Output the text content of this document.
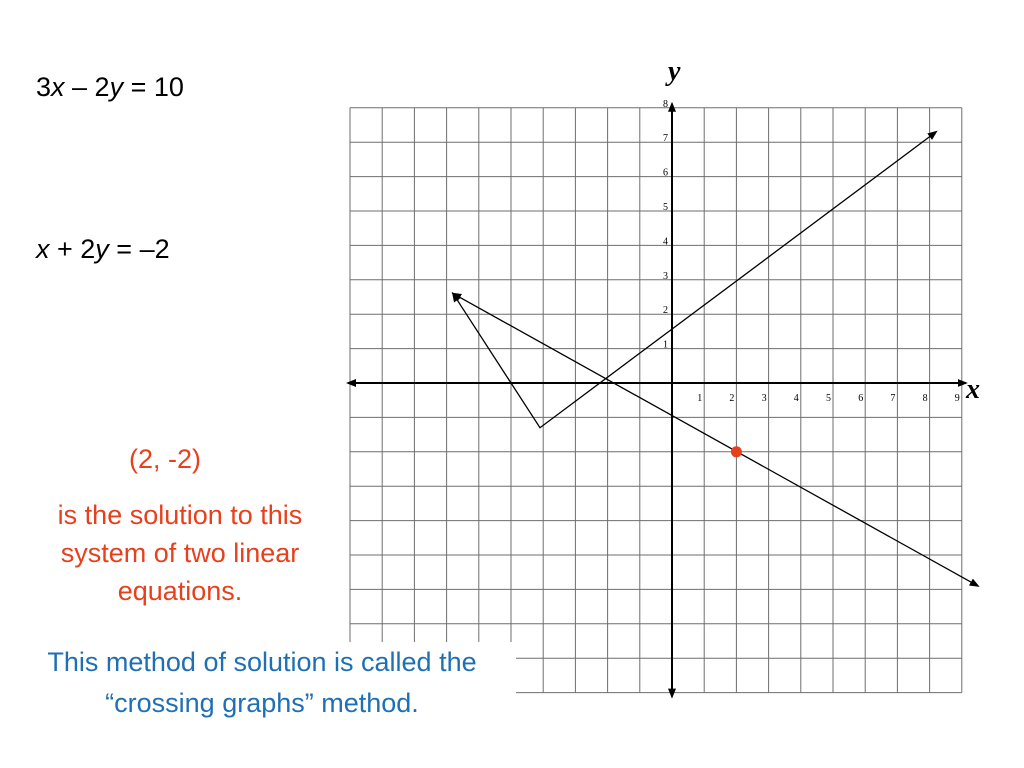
3x – 2y = 10
x + 2y = –2
(2, -2)
is the solution to this system of two linear equations.
1	2	3	4	5	6	7	8	9
1
2
3
4
5
6
7
8
x
y
This method of solution is called the “crossing graphs” method.
